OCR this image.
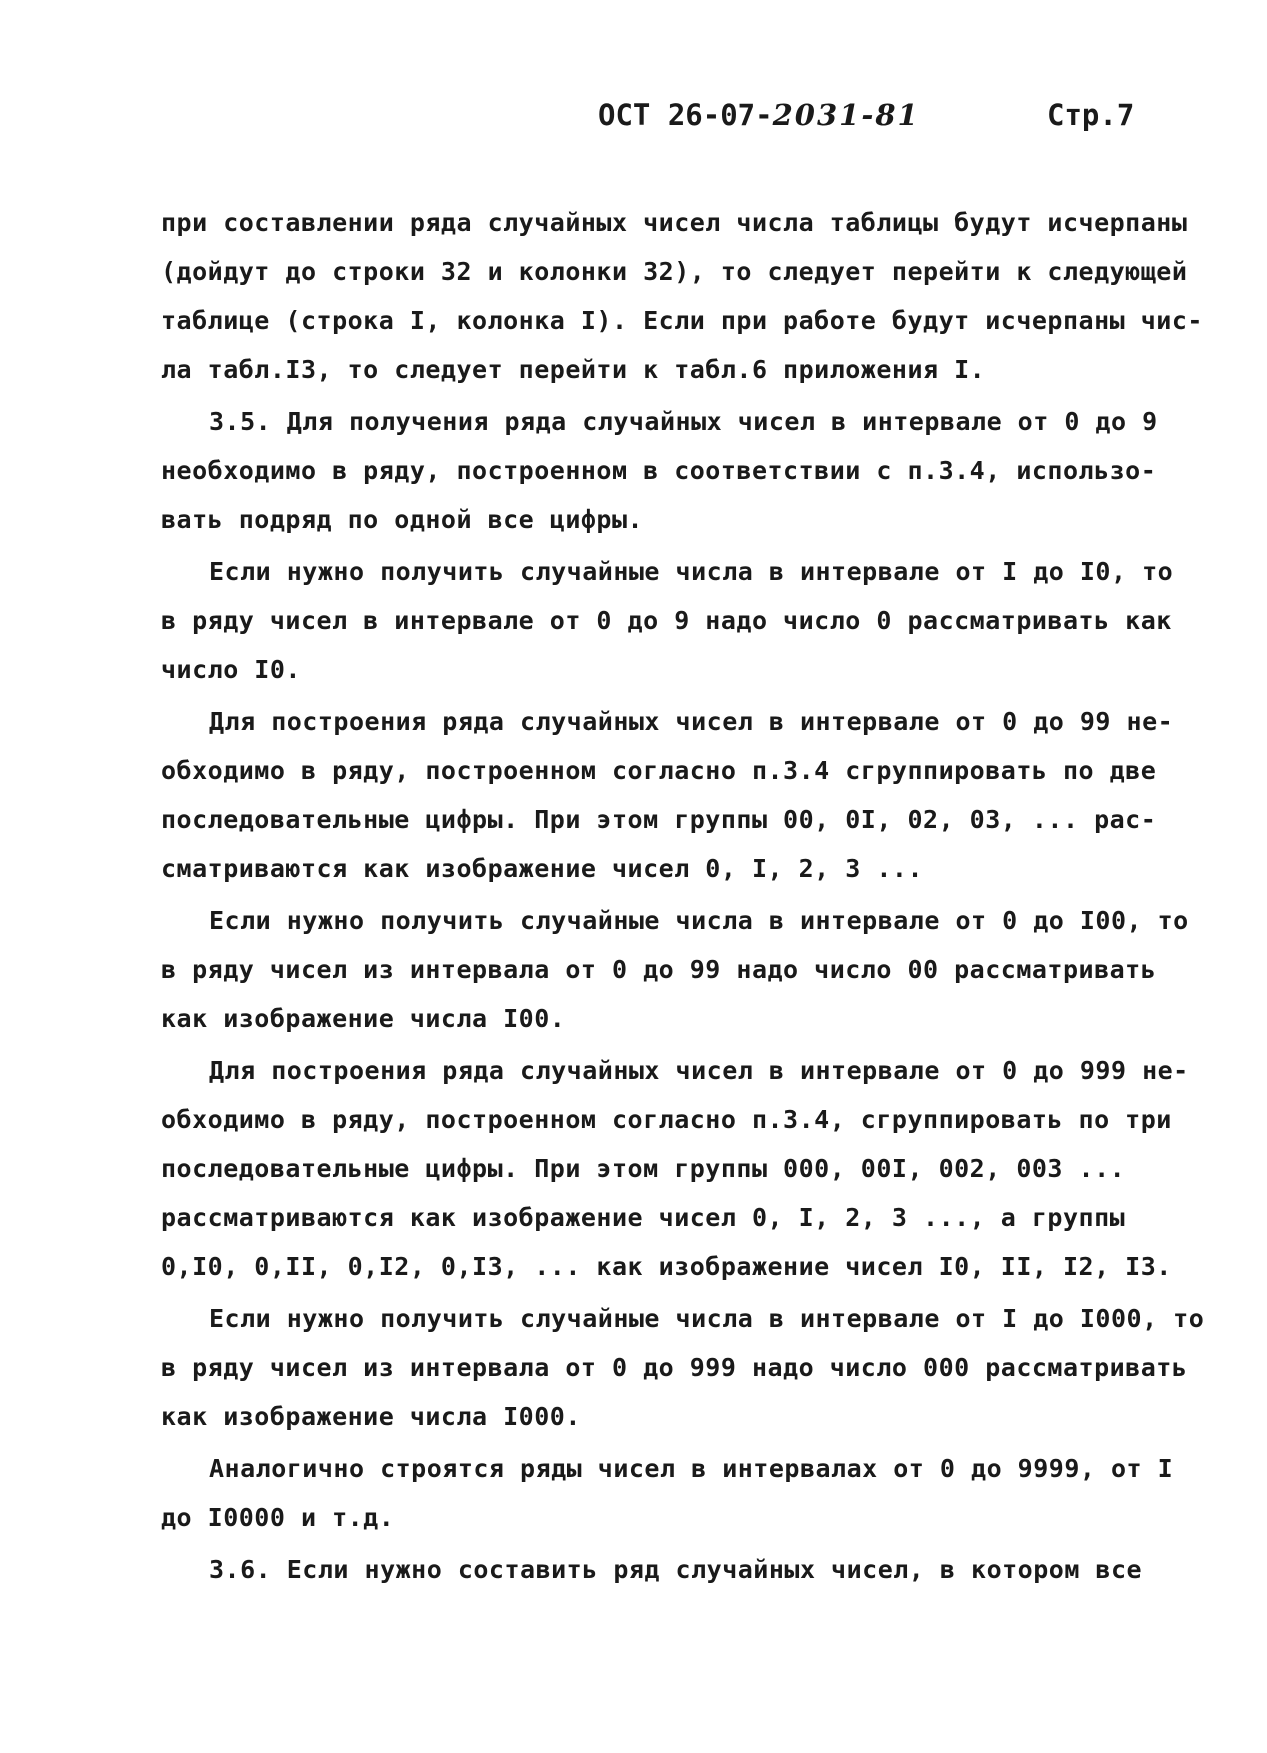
ОСТ 26-07-2031-81	Стр.7
при составлении ряда случайных чисел числа таблицы будут исчерпаны
(дойдут до строки 32 и колонки 32), то следует перейти к следующей
таблице (строка I, колонка I). Если при работе будут исчерпаны чис-
ла табл.I3, то следует перейти к табл.6 приложения I.
3.5. Для получения ряда случайных чисел в интервале от 0 до 9
необходимо в ряду, построенном в соответствии с п.3.4, использо-
вать подряд по одной все цифры.
Если нужно получить случайные числа в интервале от I до I0, то
в ряду чисел в интервале от 0 до 9 надо число 0 рассматривать как
число I0.
Для построения ряда случайных чисел в интервале от 0 до 99 не-
обходимо в ряду, построенном согласно п.3.4 сгруппировать по две
последовательные цифры. При этом группы 00, 0I, 02, 03, ... рас-
сматриваются как изображение чисел 0, I, 2, 3 ...
Если нужно получить случайные числа в интервале от 0 до I00, то
в ряду чисел из интервала от 0 до 99 надо число 00 рассматривать
как изображение числа I00.
Для построения ряда случайных чисел в интервале от 0 до 999 не-
обходимо в ряду, построенном согласно п.3.4, сгруппировать по три
последовательные цифры. При этом группы 000, 00I, 002, 003 ...
рассматриваются как изображение чисел 0, I, 2, 3 ..., а группы
0,I0, 0,II, 0,I2, 0,I3, ... как изображение чисел I0, II, I2, I3.
Если нужно получить случайные числа в интервале от I до I000, то
в ряду чисел из интервала от 0 до 999 надо число 000 рассматривать
как изображение числа I000.
Аналогично строятся ряды чисел в интервалах от 0 до 9999, от I
до I0000 и т.д.
3.6. Если нужно составить ряд случайных чисел, в котором все
